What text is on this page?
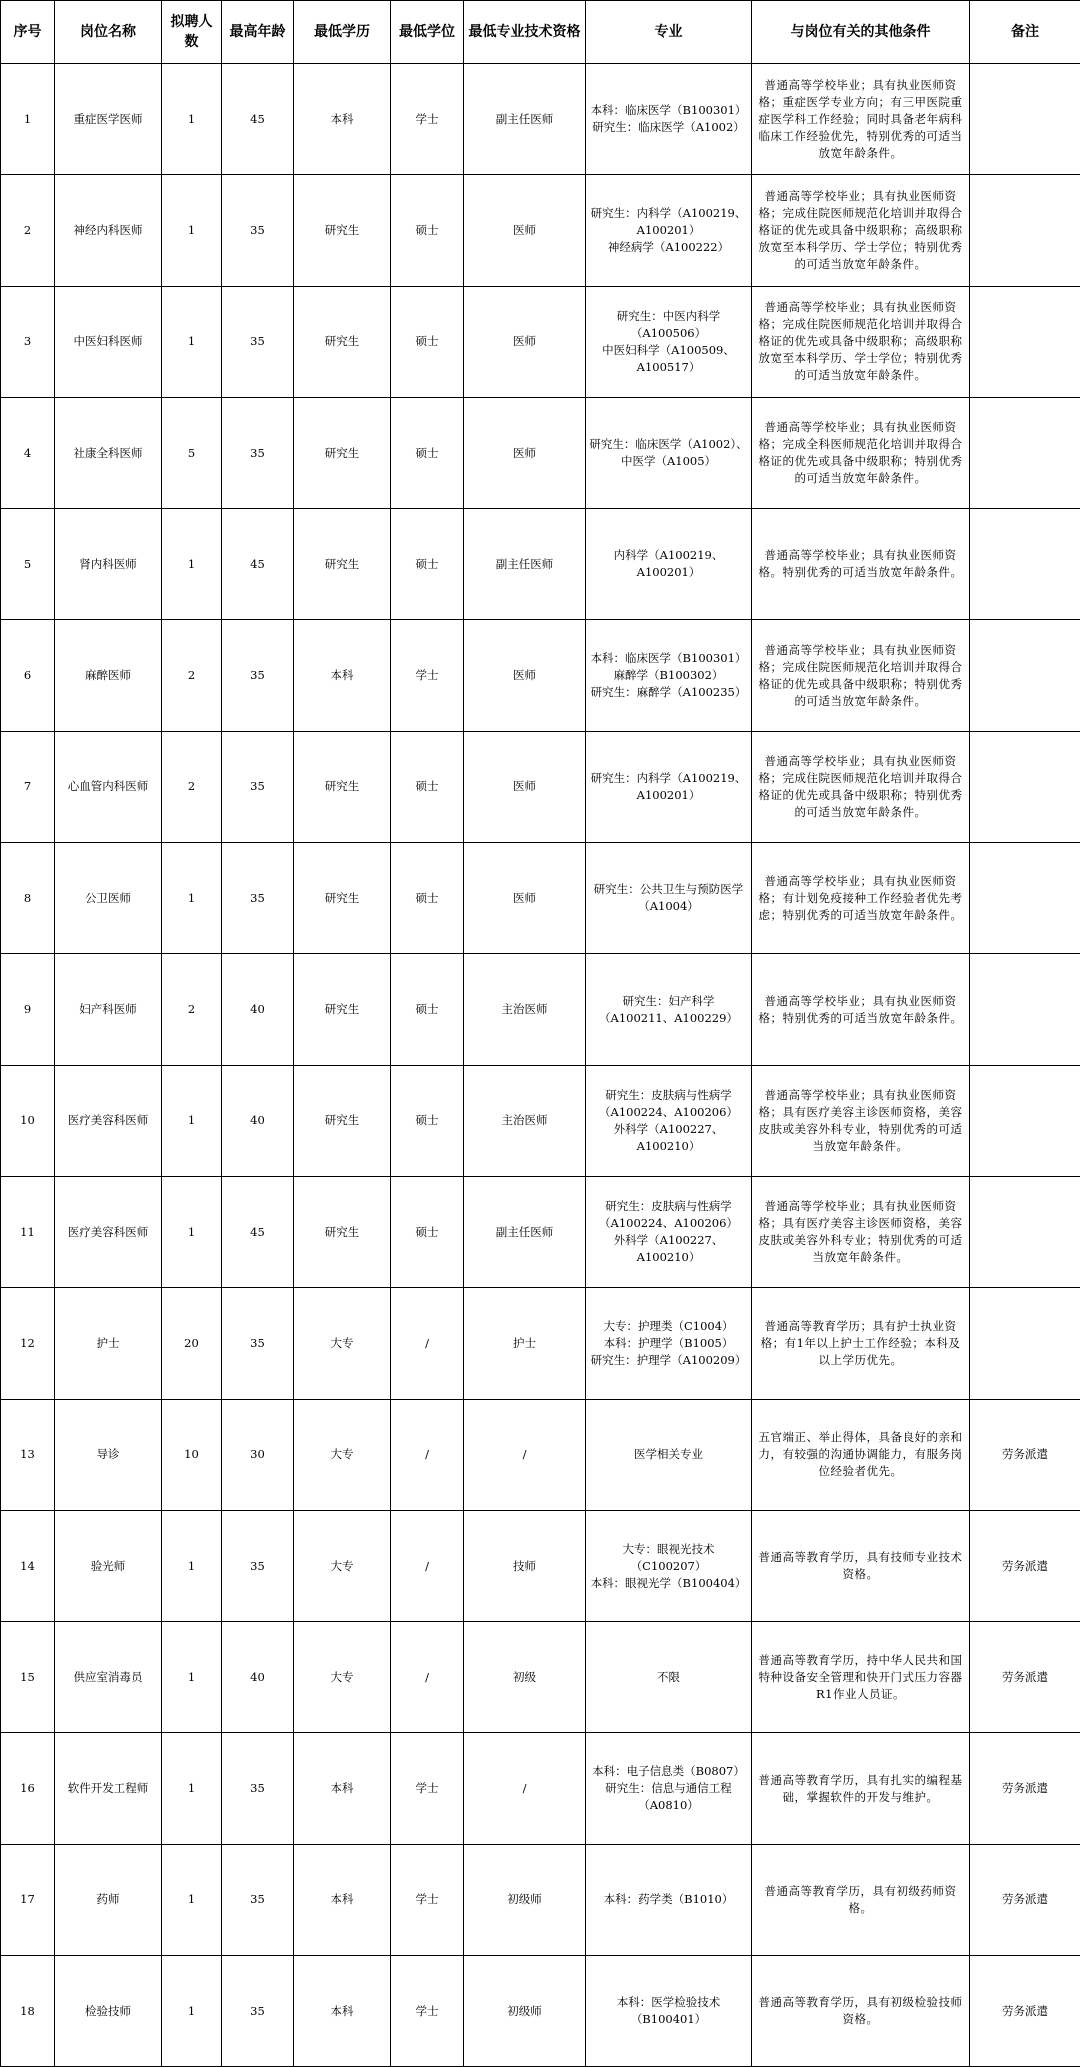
序号	岗位名称	拟聘人数	最高年龄	最低学历	最低学位	最低专业技术资格	专业	与岗位有关的其他条件	备注
1	重症医学医师	1	45	本科	学士	副主任医师	本科：临床医学（B100301）
研究生：临床医学（A1002）	普通高等学校毕业；具有执业医师资格；重症医学专业方向；有三甲医院重症医学科工作经验；同时具备老年病科临床工作经验优先，特别优秀的可适当放宽年龄条件。	
2	神经内科医师	1	35	研究生	硕士	医师	研究生：内科学（A100219、A100201）
神经病学（A100222）	普通高等学校毕业；具有执业医师资格；完成住院医师规范化培训并取得合格证的优先或具备中级职称；高级职称放宽至本科学历、学士学位；特别优秀的可适当放宽年龄条件。	
3	中医妇科医师	1	35	研究生	硕士	医师	研究生：中医内科学（A100506）
中医妇科学（A100509、A100517）	普通高等学校毕业；具有执业医师资格；完成住院医师规范化培训并取得合格证的优先或具备中级职称；高级职称放宽至本科学历、学士学位；特别优秀的可适当放宽年龄条件。	
4	社康全科医师	5	35	研究生	硕士	医师	研究生：临床医学（A1002）、中医学（A1005）	普通高等学校毕业；具有执业医师资格；完成全科医师规范化培训并取得合格证的优先或具备中级职称；特别优秀的可适当放宽年龄条件。	
5	肾内科医师	1	45	研究生	硕士	副主任医师	内科学（A100219、A100201）	普通高等学校毕业；具有执业医师资格。特别优秀的可适当放宽年龄条件。	
6	麻醉医师	2	35	本科	学士	医师	本科：临床医学（B100301）
麻醉学（B100302）
研究生：麻醉学（A100235）	普通高等学校毕业；具有执业医师资格；完成住院医师规范化培训并取得合格证的优先或具备中级职称；特别优秀的可适当放宽年龄条件。	
7	心血管内科医师	2	35	研究生	硕士	医师	研究生：内科学（A100219、A100201）	普通高等学校毕业；具有执业医师资格；完成住院医师规范化培训并取得合格证的优先或具备中级职称；特别优秀的可适当放宽年龄条件。	
8	公卫医师	1	35	研究生	硕士	医师	研究生：公共卫生与预防医学（A1004）	普通高等学校毕业；具有执业医师资格；有计划免疫接种工作经验者优先考虑；特别优秀的可适当放宽年龄条件。	
9	妇产科医师	2	40	研究生	硕士	主治医师	研究生：妇产科学（A100211、A100229）	普通高等学校毕业；具有执业医师资格；特别优秀的可适当放宽年龄条件。	
10	医疗美容科医师	1	40	研究生	硕士	主治医师	研究生：皮肤病与性病学（A100224、A100206）
外科学（A100227、A100210）	普通高等学校毕业；具有执业医师资格；具有医疗美容主诊医师资格，美容皮肤或美容外科专业，特别优秀的可适当放宽年龄条件。	
11	医疗美容科医师	1	45	研究生	硕士	副主任医师	研究生：皮肤病与性病学（A100224、A100206）
外科学（A100227、A100210）	普通高等学校毕业；具有执业医师资格；具有医疗美容主诊医师资格，美容皮肤或美容外科专业；特别优秀的可适当放宽年龄条件。	
12	护士	20	35	大专	/	护士	大专：护理类（C1004）
本科：护理学（B1005）
研究生：护理学（A100209）	普通高等教育学历；具有护士执业资格；有1年以上护士工作经验；本科及以上学历优先。	
13	导诊	10	30	大专	/	/	医学相关专业	五官端正、举止得体，具备良好的亲和力，有较强的沟通协调能力，有服务岗位经验者优先。	劳务派遣
14	验光师	1	35	大专	/	技师	大专：眼视光技术（C100207）
本科：眼视光学（B100404）	普通高等教育学历，具有技师专业技术资格。	劳务派遣
15	供应室消毒员	1	40	大专	/	初级	不限	普通高等教育学历，持中华人民共和国特种设备安全管理和快开门式压力容器R1作业人员证。	劳务派遣
16	软件开发工程师	1	35	本科	学士	/	本科：电子信息类（B0807）
研究生：信息与通信工程（A0810）	普通高等教育学历，具有扎实的编程基础，掌握软件的开发与维护。	劳务派遣
17	药师	1	35	本科	学士	初级师	本科：药学类（B1010）	普通高等教育学历，具有初级药师资格。	劳务派遣
18	检验技师	1	35	本科	学士	初级师	本科：医学检验技术（B100401）	普通高等教育学历，具有初级检验技师资格。	劳务派遣
